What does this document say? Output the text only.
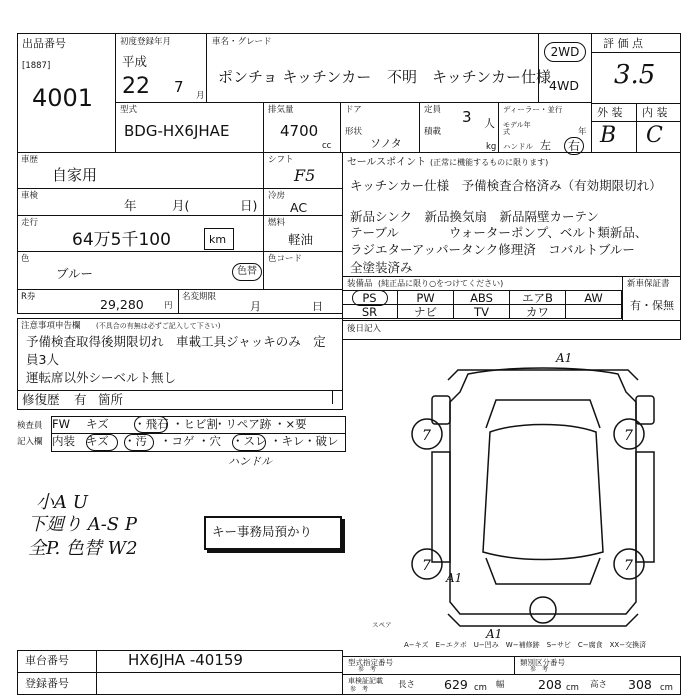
出品番号
[1887]
4001
初度登録年月
平成
22 7 月
車名・グレード
ポンチョ キッチンカー 不明 キッチンカー仕様
2WD
4WD
評 価 点
3.5
外 装 内 装
B C
型式
BDG-HX6JHAE
排気量
4700
cc
ドア
形状
ソノタ
定員 3 人
積載
kg
ディーラー・並行
モデル年式	年
ハンドル 左	右
車歴
自家用
車検
年	月(	日)
走行
64万5千100	km
色
ブルー	色替
シフト
F5
冷房
AC
燃料
軽油
色コード
R券	29,280 円
名変期限
月	日
セールスポイント (正常に機能するものに限ります)
キッチンカー仕様　予備検査合格済み（有効期限切れ）
新品シンク　新品換気扇　新品隔壁カーテン
テーブル　　　　ウォーターポンプ、ベルト類新品、
ラジエターアッパータンク修理済　コバルトブルー
全塗装済み
装備品 (純正品に限り○をつけてください)	新車保証書
有・保無
後日記入
注意事項申告欄 (不具合の有無は必ずご記入して下さい)
予備検査取得後期限切れ　車載工具ジャッキのみ　定
員3人
運転席以外シーベルト無し
修復歴 有 箇所
検査員
記入欄
ハンドル
小A U
下廻り A-S P
全P. 色替 W2
キー事務局預かり
7	7
7	7
A1
A1
A1
スペア
A−キズ　E−エクボ　U−凹み　W−補修跡　S−サビ　C−腐食　XX−交換済
車台番号	HX6JHA -40159
登録番号
型式指定番号
参　考
類別区分番号
参　考
車検証記載
参　考	長さ 629 cm 幅	208 cm 高さ 308 cm
PS	PW	ABS	エアB	AW
SR	ナビ	TV	カワ
FW キズ ・飛石 ・ヒビ割
・リペア跡 ・×要
内装 キズ ・汚 ・コゲ ・穴 ・スレ ・キレ ・破レ
